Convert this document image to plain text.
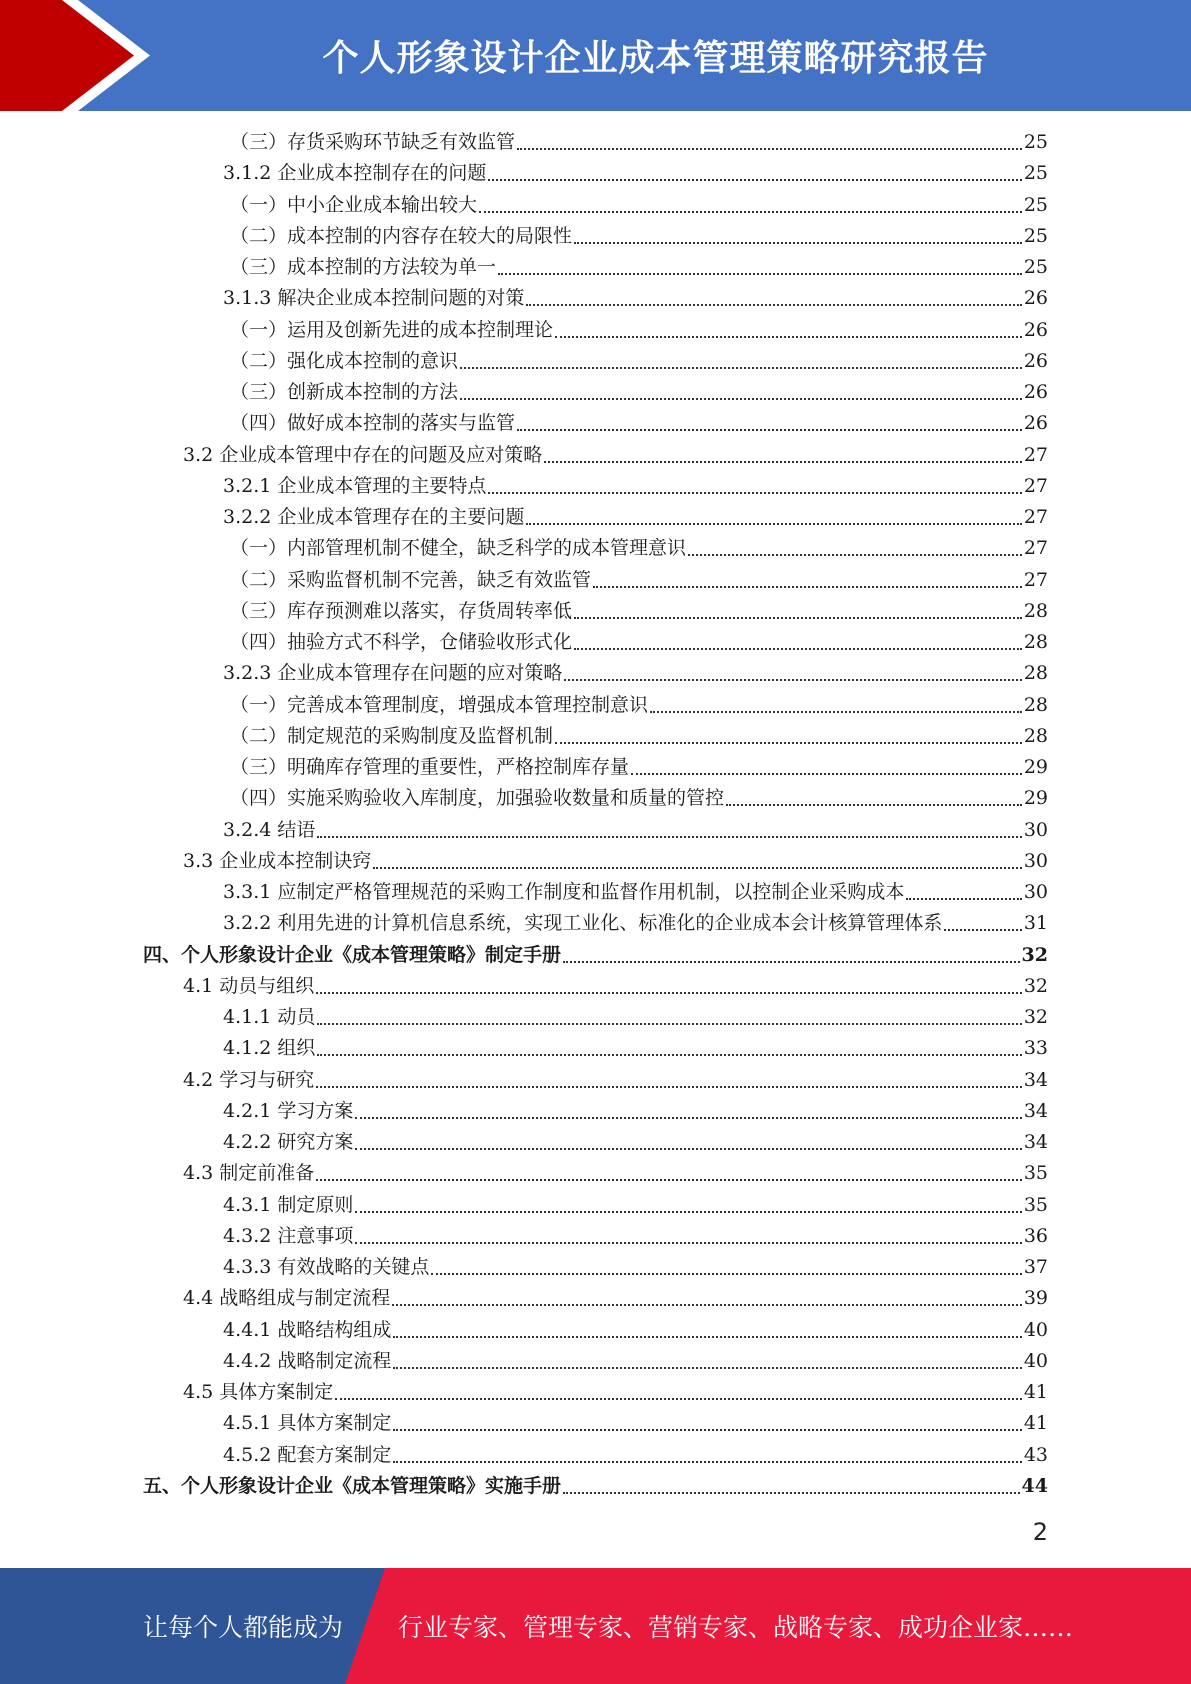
个人形象设计企业成本管理策略研究报告
（三）存货采购环节缺乏有效监管	25
3.1.2 企业成本控制存在的问题	25
（一）中小企业成本输出较大	25
（二）成本控制的内容存在较大的局限性	25
（三）成本控制的方法较为单一	25
3.1.3 解决企业成本控制问题的对策	26
（一）运用及创新先进的成本控制理论	26
（二）强化成本控制的意识	26
（三）创新成本控制的方法	26
（四）做好成本控制的落实与监管	26
3.2 企业成本管理中存在的问题及应对策略	27
3.2.1 企业成本管理的主要特点	27
3.2.2 企业成本管理存在的主要问题	27
（一）内部管理机制不健全，缺乏科学的成本管理意识	27
（二）采购监督机制不完善，缺乏有效监管	27
（三）库存预测难以落实，存货周转率低	28
（四）抽验方式不科学，仓储验收形式化	28
3.2.3 企业成本管理存在问题的应对策略	28
（一）完善成本管理制度，增强成本管理控制意识	28
（二）制定规范的采购制度及监督机制	28
（三）明确库存管理的重要性，严格控制库存量	29
（四）实施采购验收入库制度，加强验收数量和质量的管控	29
3.2.4 结语	30
3.3 企业成本控制诀窍	30
3.3.1 应制定严格管理规范的采购工作制度和监督作用机制，以控制企业采购成本	30
3.2.2 利用先进的计算机信息系统，实现工业化、标准化的企业成本会计核算管理体系	31
四、个人形象设计企业《成本管理策略》制定手册	32
4.1 动员与组织	32
4.1.1 动员	32
4.1.2 组织	33
4.2 学习与研究	34
4.2.1 学习方案	34
4.2.2 研究方案	34
4.3 制定前准备	35
4.3.1 制定原则	35
4.3.2 注意事项	36
4.3.3 有效战略的关键点	37
4.4 战略组成与制定流程	39
4.4.1 战略结构组成	40
4.4.2 战略制定流程	40
4.5 具体方案制定	41
4.5.1 具体方案制定	41
4.5.2 配套方案制定	43
五、个人形象设计企业《成本管理策略》实施手册	44
2
让每个人都能成为 行业专家、管理专家、营销专家、战略专家、成功企业家……
